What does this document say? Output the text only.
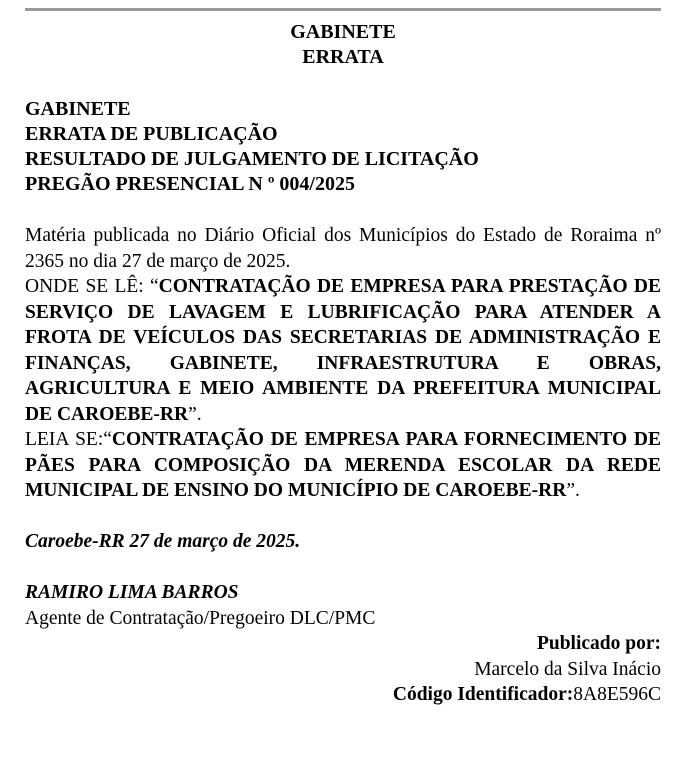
GABINETE
ERRATA
GABINETE
ERRATA DE PUBLICAÇÃO
RESULTADO DE JULGAMENTO DE LICITAÇÃO
PREGÃO PRESENCIAL N º 004/2025
Matéria publicada no Diário Oficial dos Municípios do Estado de Roraima nº 2365 no dia 27 de março de 2025.
ONDE SE LÊ: “CONTRATAÇÃO DE EMPRESA PARA PRESTAÇÃO DE SERVIÇO DE LAVAGEM E LUBRIFICAÇÃO PARA ATENDER A FROTA DE VEÍCULOS DAS SECRETARIAS DE ADMINISTRAÇÃO E FINANÇAS, GABINETE, INFRAESTRUTURA E OBRAS, AGRICULTURA E MEIO AMBIENTE DA PREFEITURA MUNICIPAL DE CAROEBE-RR”.
LEIA SE:“CONTRATAÇÃO DE EMPRESA PARA FORNECIMENTO DE PÃES PARA COMPOSIÇÃO DA MERENDA ESCOLAR DA REDE MUNICIPAL DE ENSINO DO MUNICÍPIO DE CAROEBE-RR”.
Caroebe-RR 27 de março de 2025.
RAMIRO LIMA BARROS
Agente de Contratação/Pregoeiro DLC/PMC
Publicado por:
Marcelo da Silva Inácio
Código Identificador:8A8E596C
